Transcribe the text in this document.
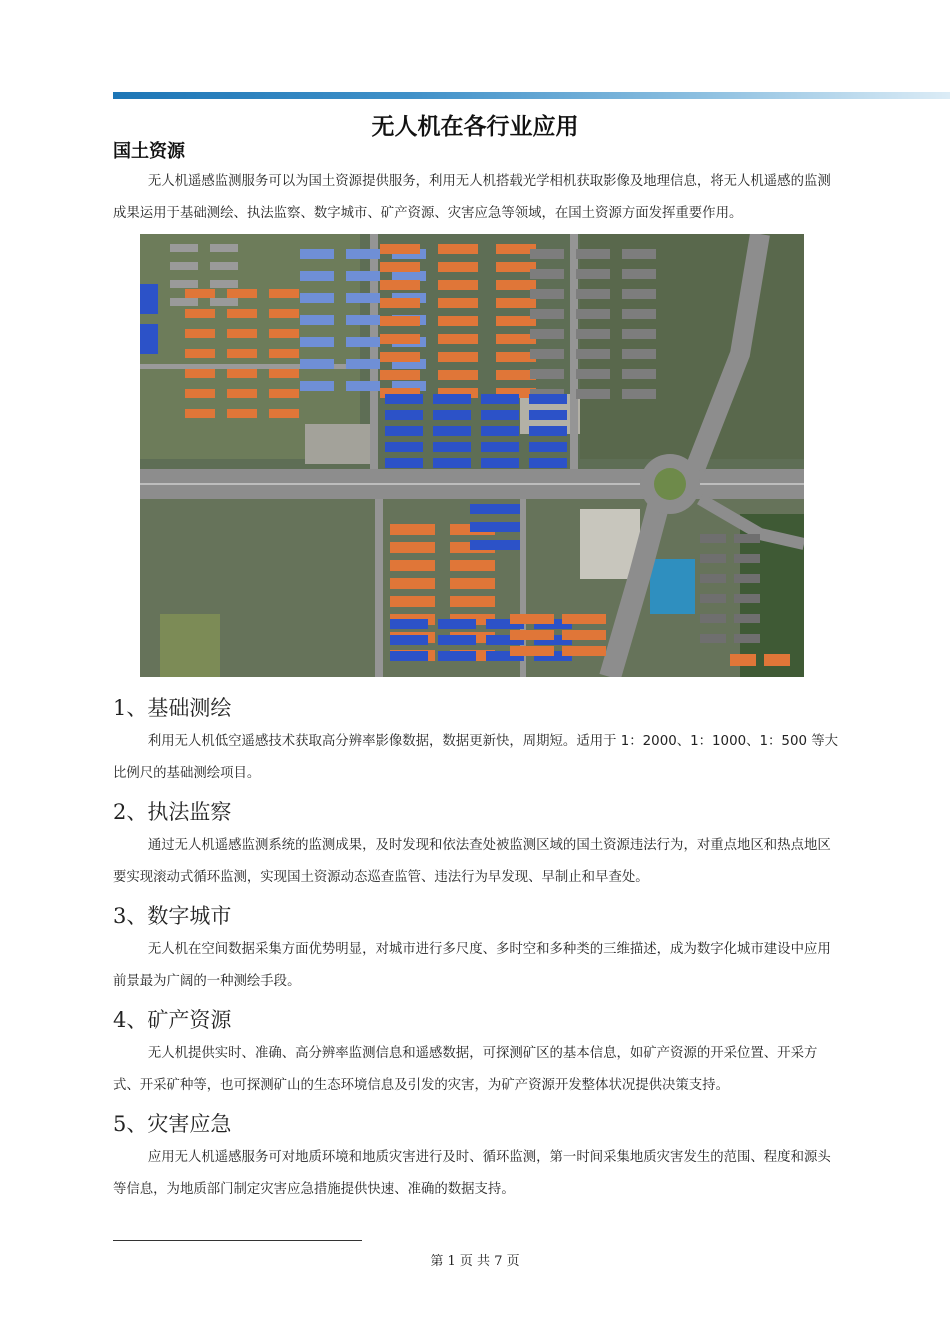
无人机在各行业应用
国土资源

无人机遥感监测服务可以为国土资源提供服务，利用无人机搭载光学相机获取影像及地理信息，将无人机遥感的监测成果运用于基础测绘、执法监察、数字城市、矿产资源、灾害应急等领域，在国土资源方面发挥重要作用。

1、基础测绘

利用无人机低空遥感技术获取高分辨率影像数据，数据更新快，周期短。适用于 1：2000、1：1000、1：500 等大比例尺的基础测绘项目。

2、执法监察

通过无人机遥感监测系统的监测成果，及时发现和依法查处被监测区域的国土资源违法行为，对重点地区和热点地区要实现滚动式循环监测，实现国土资源动态巡查监管、违法行为早发现、早制止和早查处。

3、数字城市

无人机在空间数据采集方面优势明显，对城市进行多尺度、多时空和多种类的三维描述，成为数字化城市建设中应用前景最为广阔的一种测绘手段。

4、矿产资源

无人机提供实时、准确、高分辨率监测信息和遥感数据，可探测矿区的基本信息，如矿产资源的开采位置、开采方式、开采矿种等，也可探测矿山的生态环境信息及引发的灾害，为矿产资源开发整体状况提供决策支持。

5、灾害应急

应用无人机遥感服务可对地质环境和地质灾害进行及时、循环监测，第一时间采集地质灾害发生的范围、程度和源头等信息，为地质部门制定灾害应急措施提供快速、准确的数据支持。

第 1 页 共 7 页
